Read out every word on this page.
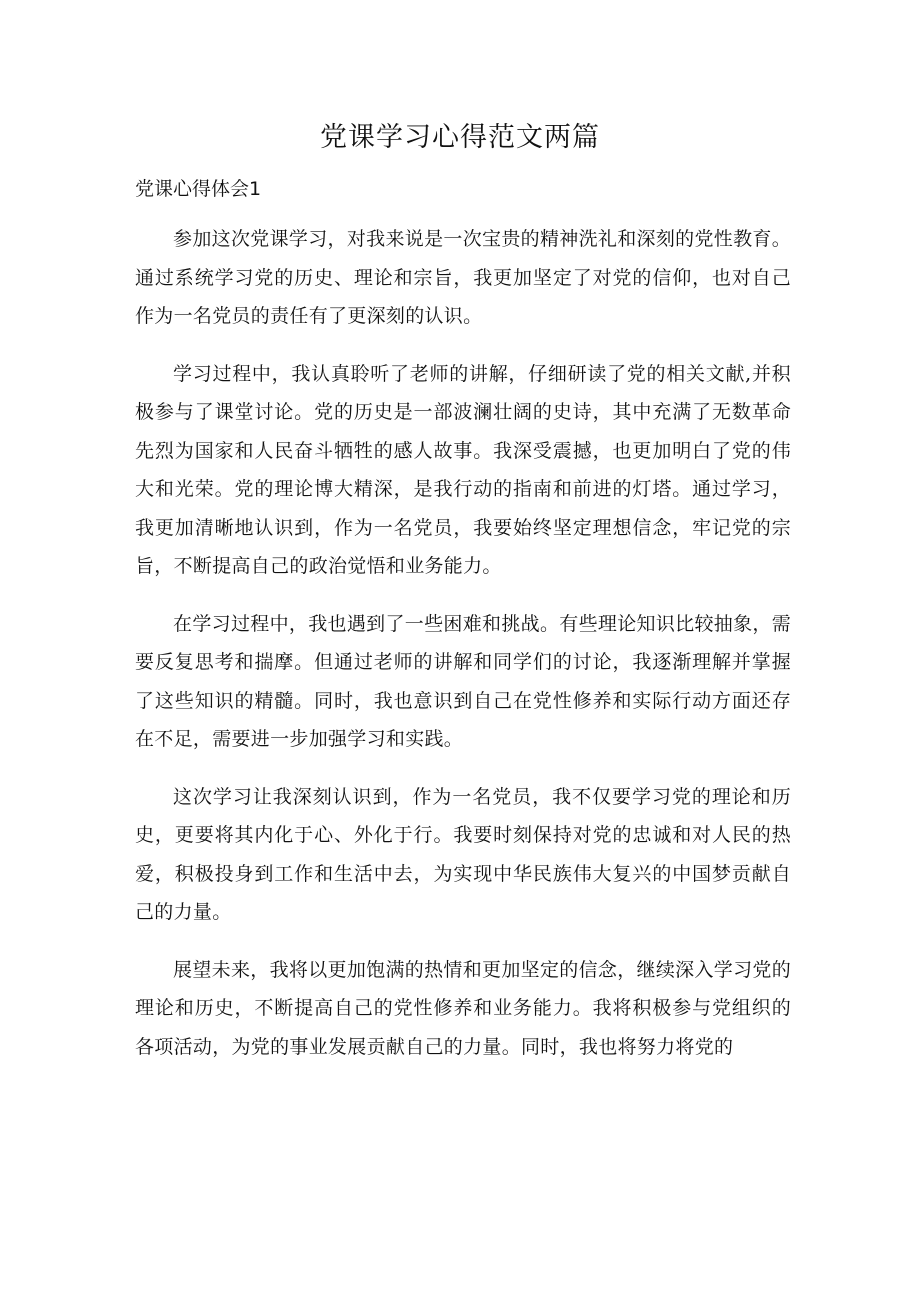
党课学习心得范文两篇
党课心得体会1

参加这次党课学习，对我来说是一次宝贵的精神洗礼和深刻的党性教育。通过系统学习党的历史、理论和宗旨，我更加坚定了对党的信仰，也对自己作为一名党员的责任有了更深刻的认识。

学习过程中，我认真聆听了老师的讲解，仔细研读了党的相关文献,并积极参与了课堂讨论。党的历史是一部波澜壮阔的史诗，其中充满了无数革命先烈为国家和人民奋斗牺牲的感人故事。我深受震撼，也更加明白了党的伟大和光荣。党的理论博大精深，是我行动的指南和前进的灯塔。通过学习，我更加清晰地认识到，作为一名党员，我要始终坚定理想信念，牢记党的宗旨，不断提高自己的政治觉悟和业务能力。

在学习过程中，我也遇到了一些困难和挑战。有些理论知识比较抽象，需要反复思考和揣摩。但通过老师的讲解和同学们的讨论，我逐渐理解并掌握了这些知识的精髓。同时，我也意识到自己在党性修养和实际行动方面还存在不足，需要进一步加强学习和实践。

这次学习让我深刻认识到，作为一名党员，我不仅要学习党的理论和历史，更要将其内化于心、外化于行。我要时刻保持对党的忠诚和对人民的热爱，积极投身到工作和生活中去，为实现中华民族伟大复兴的中国梦贡献自己的力量。

展望未来，我将以更加饱满的热情和更加坚定的信念，继续深入学习党的理论和历史，不断提高自己的党性修养和业务能力。我将积极参与党组织的各项活动，为党的事业发展贡献自己的力量。同时，我也将努力将党的
